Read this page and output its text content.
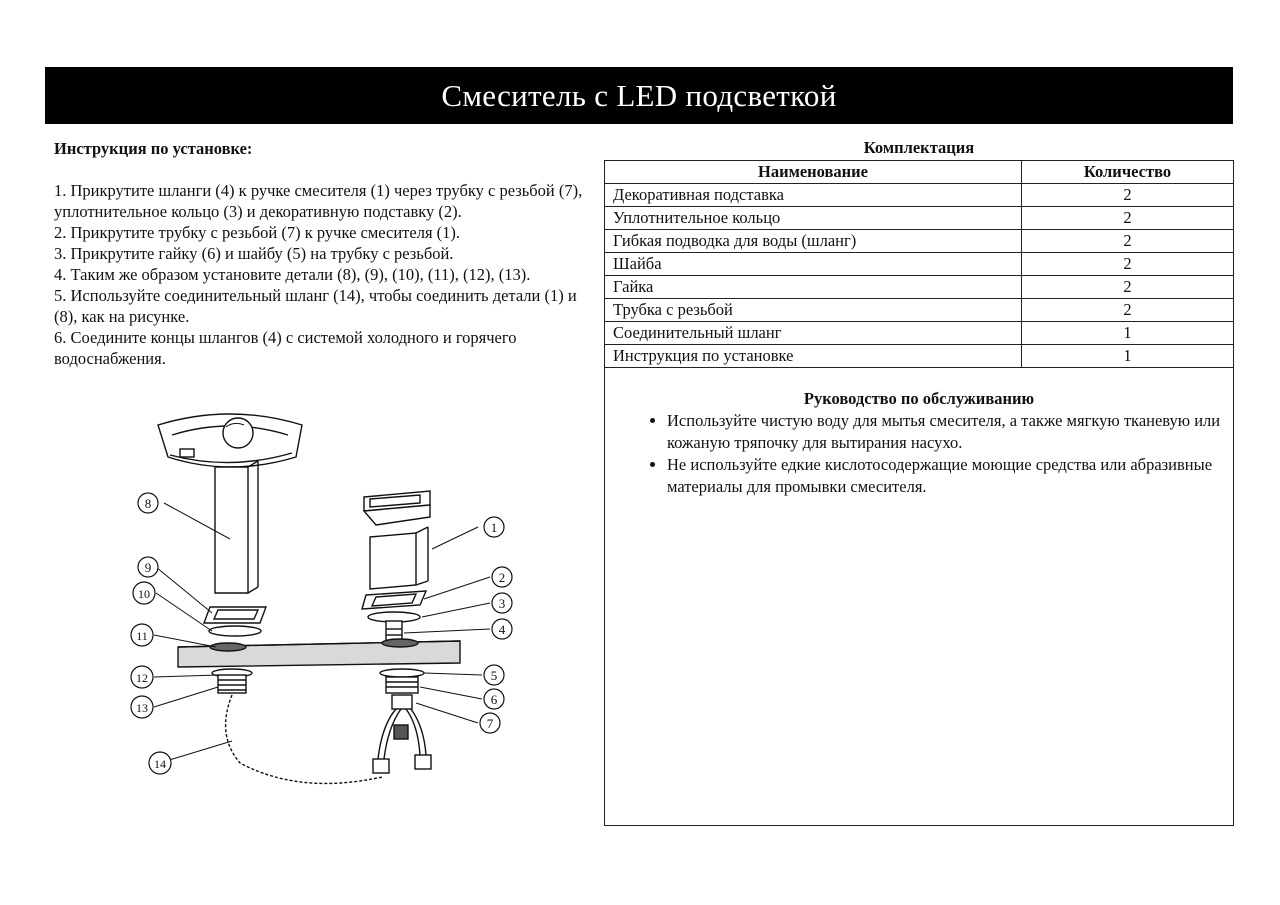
Смеситель с LED подсветкой
Инструкция по установке:
1. Прикрутите шланги (4) к ручке смесителя (1) через трубку с резьбой (7), уплотнительное кольцо (3) и декоративную подставку (2).
2. Прикрутите трубку с резьбой (7) к ручке смесителя (1).
3. Прикрутите гайку (6) и шайбу (5) на трубку с резьбой.
4. Таким же образом установите детали (8), (9), (10), (11), (12), (13).
5. Используйте соединительный шланг (14), чтобы соединить детали (1) и (8), как на рисунке.
6. Соедините концы шлангов (4) с системой холодного и горячего водоснабжения.
8
1
9
10
11
12
13
14
2
3
4
5
6
7
Комплектация
Наименование	Количество
Декоративная подставка	2
Уплотнительное кольцо	2
Гибкая подводка для воды (шланг)	2
Шайба	2
Гайка	2
Трубка с резьбой	2
Соединительный шланг	1
Инструкция по установке	1
Руководство по обслуживанию
• Используйте чистую воду для мытья смесителя, а также мягкую тканевую или кожаную тряпочку для вытирания насухо.
• Не используйте едкие кислотосодержащие моющие средства или абразивные материалы для промывки смесителя.
